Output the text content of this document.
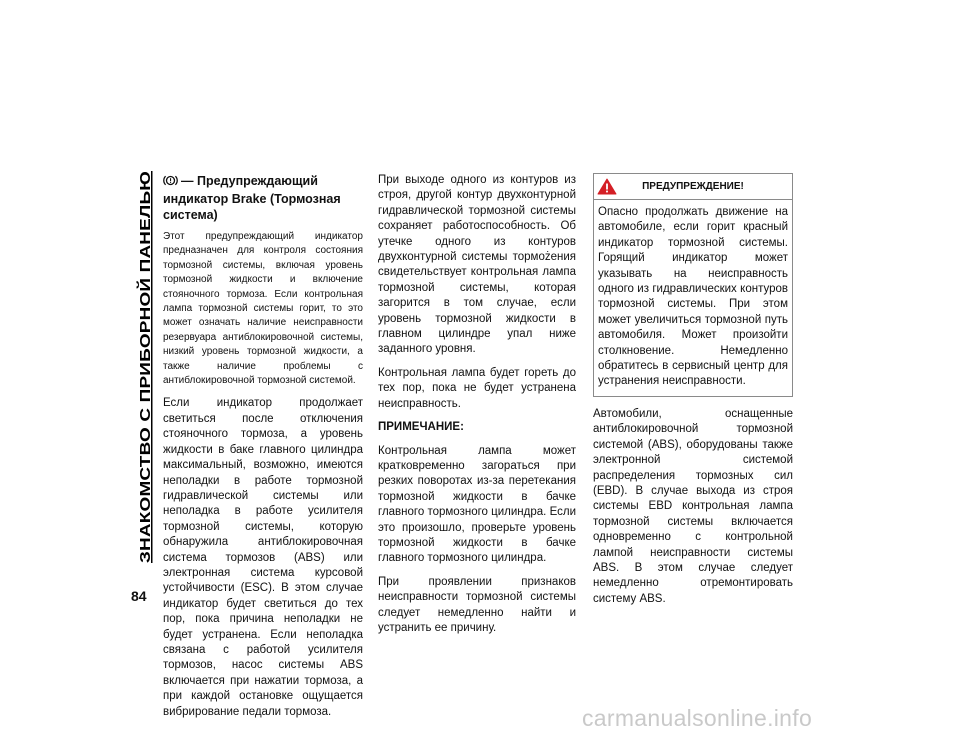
ЗНАКОМСТВО С ПРИБОРНОЙ ПАНЕЛЬЮ
84
— Предупреждающий индикатор Brake (Тормозная система)

Этот предупреждающий индикатор предназначен для контроля состояния тормозной системы, включая уровень тормозной жидкости и включение стояночного тормоза. Если контрольная лампа тормозной системы горит, то это может означать наличие неисправности резервуара антиблокировочной системы, низкий уровень тормозной жидкости, а также наличие проблемы с антиблокировочной тормозной системой.

Если индикатор продолжает светиться после отключения стояночного тормоза, а уровень жидкости в баке главного цилиндра максимальный, возможно, имеются неполадки в работе тормозной гидравлической системы или неполадка в работе усилителя тормозной системы, которую обнаружила антиблокировочная система тормозов (ABS) или электронная система курсовой устойчивости (ESC). В этом случае индикатор будет светиться до тех пор, пока причина неполадки не будет устранена. Если неполадка связана с работой усилителя тормозов, насос системы ABS включается при нажатии тормоза, а при каждой остановке ощущается вибрирование педали тормоза.

При выходе одного из контуров из строя, другой контур двухконтурной гидравлической тормозной системы сохраняет работоспособность. Об утечке одного из контуров двухконтурной системы тормożения свидетельствует контрольная лампа тормозной системы, которая загорится в том случае, если уровень тормозной жидкости в главном цилиндре упал ниже заданного уровня.

Контрольная лампа будет гореть до тех пор, пока не будет устранена неисправность.

ПРИМЕЧАНИЕ:

Контрольная лампа может кратковременно загораться при резких поворотах из-за перетекания тормозной жидкости в бачке главного тормозного цилиндра. Если это произошло, проверьте уровень тормозной жидкости в бачке главного тормозного цилиндра.

При проявлении признаков неисправности тормозной системы следует немедленно найти и устранить ее причину.

ПРЕДУПРЕЖДЕНИЕ!
Опасно продолжать движение на автомобиле, если горит красный индикатор тормозной системы. Горящий индикатор может указывать на неисправность одного из гидравлических контуров тормозной системы. При этом может увеличиться тормозной путь автомобиля. Может произойти столкновение. Немедленно обратитесь в сервисный центр для устранения неисправности.

Автомобили, оснащенные антиблокировочной тормозной системой (ABS), оборудованы также электронной системой распределения тормозных сил (EBD). В случае выхода из строя системы EBD контрольная лампа тормозной системы включается одновременно с контрольной лампой неисправности системы ABS. В этом случае следует немедленно отремонтировать систему ABS.

carmanualsonline.info
